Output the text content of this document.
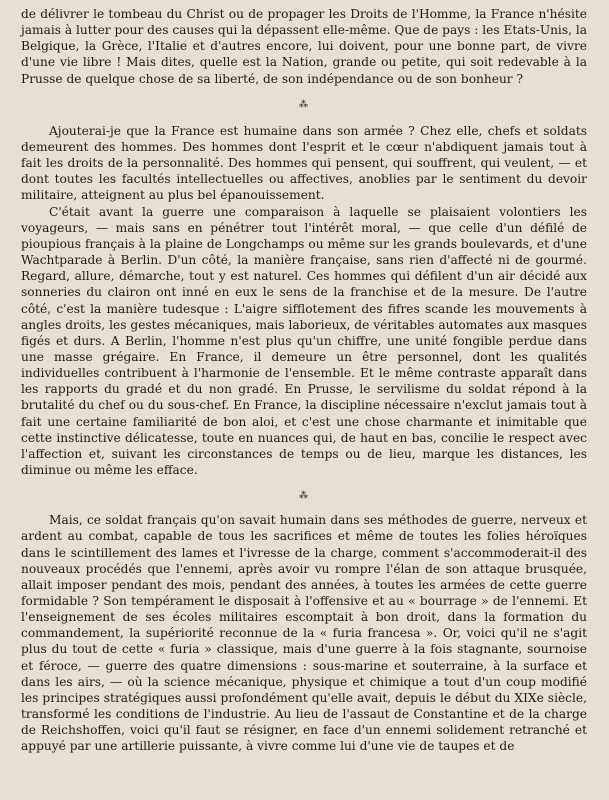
de délivrer le tombeau du Christ ou de propager les Droits de l'Homme, la France n'hésite jamais à lutter pour des causes qui la dépassent elle-même. Que de pays : les Etats-Unis, la Belgique, la Grèce, l'Italie et d'autres encore, lui doivent, pour une bonne part, de vivre d'une vie libre ! Mais dites, quelle est la Nation, grande ou petite, qui soit redevable à la Prusse de quelque chose de sa liberté, de son indépendance ou de son bonheur ?

⁂

Ajouterai-je que la France est humaine dans son armée ? Chez elle, chefs et soldats demeurent des hommes. Des hommes dont l'esprit et le cœur n'abdiquent jamais tout à fait les droits de la personnalité. Des hommes qui pensent, qui souffrent, qui veulent, — et dont toutes les facultés intellectuelles ou affectives, anoblies par le sentiment du devoir militaire, atteignent au plus bel épanouissement.

C'était avant la guerre une comparaison à laquelle se plaisaient volontiers les voyageurs, — mais sans en pénétrer tout l'intérêt moral, — que celle d'un défilé de pioupious français à la plaine de Longchamps ou même sur les grands boulevards, et d'une Wachtparade à Berlin. D'un côté, la manière française, sans rien d'affecté ni de gourmé. Regard, allure, démarche, tout y est naturel. Ces hommes qui défilent d'un air décidé aux sonneries du clairon ont inné en eux le sens de la franchise et de la mesure. De l'autre côté, c'est la manière tudesque : L'aigre sifflotement des fifres scande les mouvements à angles droits, les gestes mécaniques, mais laborieux, de véritables automates aux masques figés et durs. A Berlin, l'homme n'est plus qu'un chiffre, une unité fongible perdue dans une masse grégaire. En France, il demeure un être personnel, dont les qualités individuelles contribuent à l'harmonie de l'ensemble. Et le même contraste apparaît dans les rapports du gradé et du non gradé. En Prusse, le servilisme du soldat répond à la brutalité du chef ou du sous-chef. En France, la discipline nécessaire n'exclut jamais tout à fait une certaine familiarité de bon aloi, et c'est une chose charmante et inimitable que cette instinctive délicatesse, toute en nuances qui, de haut en bas, concilie le respect avec l'affection et, suivant les circonstances de temps ou de lieu, marque les distances, les diminue ou même les efface.

⁂

Mais, ce soldat français qu'on savait humain dans ses méthodes de guerre, nerveux et ardent au combat, capable de tous les sacrifices et même de toutes les folies héroïques dans le scintillement des lames et l'ivresse de la charge, comment s'accommoderait-il des nouveaux procédés que l'ennemi, après avoir vu rompre l'élan de son attaque brusquée, allait imposer pendant des mois, pendant des années, à toutes les armées de cette guerre formidable ? Son tempérament le disposait à l'offensive et au « bourrage » de l'ennemi. Et l'enseignement de ses écoles militaires escomptait à bon droit, dans la formation du commandement, la supériorité reconnue de la « furia francesa ». Or, voici qu'il ne s'agit plus du tout de cette « furia » classique, mais d'une guerre à la fois stagnante, sournoise et féroce, — guerre des quatre dimensions : sous-marine et souterraine, à la surface et dans les airs, — où la science mécanique, physique et chimique a tout d'un coup modifié les principes stratégiques aussi profondément qu'elle avait, depuis le début du XIXe siècle, transformé les conditions de l'industrie. Au lieu de l'assaut de Constantine et de la charge de Reichshoffen, voici qu'il faut se résigner, en face d'un ennemi solidement retranché et appuyé par une artillerie puissante, à vivre comme lui d'une vie de taupes et de
